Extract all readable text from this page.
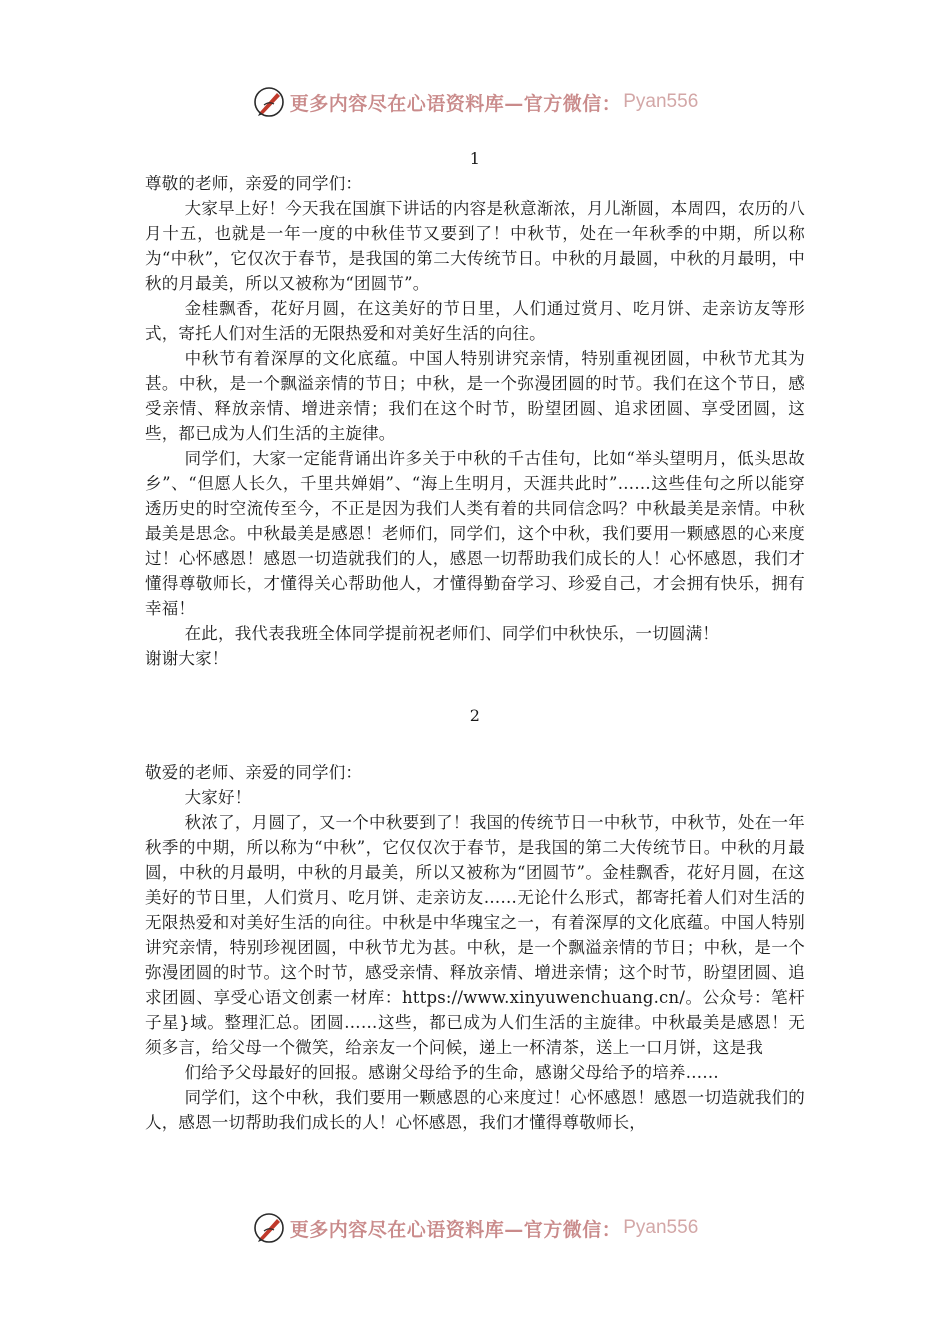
更多内容尽在心语资料库—官方微信： Pyan556
1

尊敬的老师，亲爱的同学们：

大家早上好！今天我在国旗下讲话的内容是秋意渐浓，月儿渐圆，本周四，农历的八月十五，也就是一年一度的中秋佳节又要到了！中秋节，处在一年秋季的中期，所以称为“中秋”，它仅次于春节，是我国的第二大传统节日。中秋的月最圆，中秋的月最明，中秋的月最美，所以又被称为“团圆节”。

金桂飘香，花好月圆，在这美好的节日里，人们通过赏月、吃月饼、走亲访友等形式，寄托人们对生活的无限热爱和对美好生活的向往。

中秋节有着深厚的文化底蕴。中国人特别讲究亲情，特别重视团圆，中秋节尤其为甚。中秋，是一个飘溢亲情的节日；中秋，是一个弥漫团圆的时节。我们在这个节日，感受亲情、释放亲情、增进亲情；我们在这个时节，盼望团圆、追求团圆、享受团圆，这些，都已成为人们生活的主旋律。

同学们，大家一定能背诵出许多关于中秋的千古佳句，比如“举头望明月，低头思故乡”、“但愿人长久，千里共婵娟”、“海上生明月，天涯共此时”……这些佳句之所以能穿透历史的时空流传至今，不正是因为我们人类有着的共同信念吗？中秋最美是亲情。中秋最美是思念。中秋最美是感恩！老师们，同学们，这个中秋，我们要用一颗感恩的心来度过！心怀感恩！感恩一切造就我们的人，感恩一切帮助我们成长的人！心怀感恩，我们才懂得尊敬师长，才懂得关心帮助他人，才懂得勤奋学习、珍爱自己，才会拥有快乐，拥有幸福！

在此，我代表我班全体同学提前祝老师们、同学们中秋快乐，一切圆满！

谢谢大家！

2

敬爱的老师、亲爱的同学们：

大家好！

秋浓了，月圆了，又一个中秋要到了！我国的传统节日一中秋节，中秋节，处在一年秋季的中期，所以称为“中秋”，它仅仅次于春节，是我国的第二大传统节日。中秋的月最圆，中秋的月最明，中秋的月最美，所以又被称为“团圆节”。金桂飘香，花好月圆，在这美好的节日里，人们赏月、吃月饼、走亲访友……无论什么形式，都寄托着人们对生活的无限热爱和对美好生活的向往。中秋是中华瑰宝之一，有着深厚的文化底蕴。中国人特别讲究亲情，特别珍视团圆，中秋节尤为甚。中秋，是一个飘溢亲情的节日；中秋，是一个弥漫团圆的时节。这个时节，感受亲情、释放亲情、增进亲情；这个时节，盼望团圆、追求团圆、享受心语文创素一材库：https://www.xinyuwenchuang.cn/。公众号：笔杆子星}域。整理汇总。团圆……这些，都已成为人们生活的主旋律。中秋最美是感恩！无须多言，给父母一个微笑，给亲友一个问候，递上一杯清茶，送上一口月饼，这是我

们给予父母最好的回报。感谢父母给予的生命，感谢父母给予的培养……

同学们，这个中秋，我们要用一颗感恩的心来度过！心怀感恩！感恩一切造就我们的人，感恩一切帮助我们成长的人！心怀感恩，我们才懂得尊敬师长，

更多内容尽在心语资料库—官方微信： Pyan556
